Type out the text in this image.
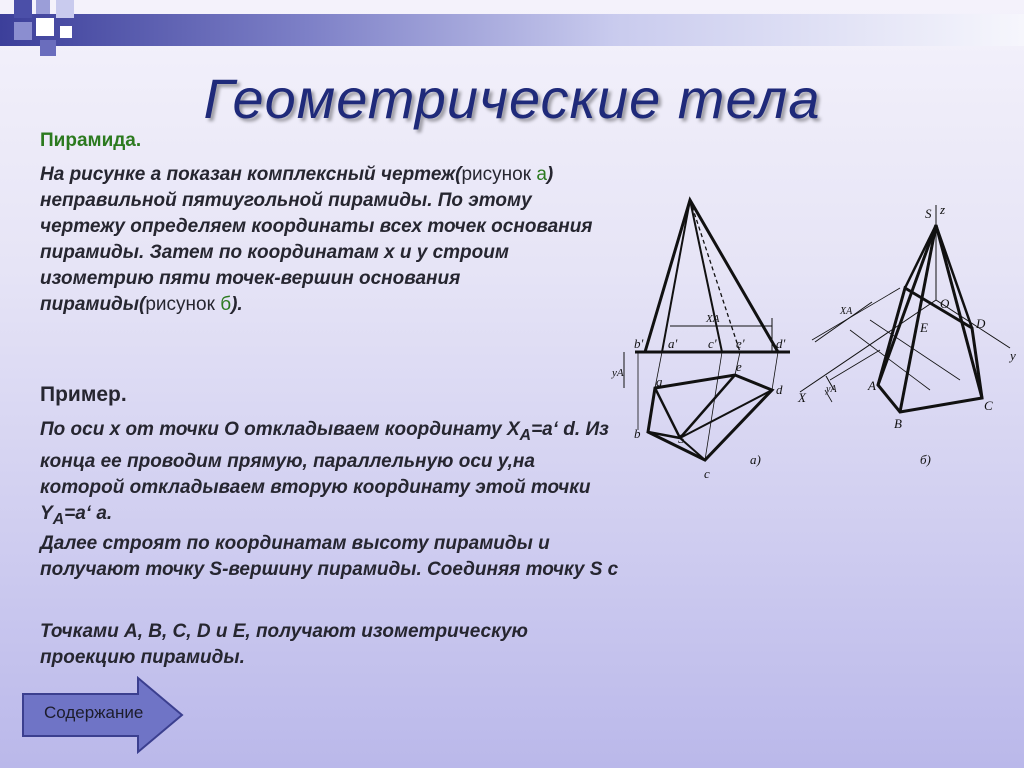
Геометрические тела
Пирамида.
На рисунке а показан комплексный чертеж(рисунок а) неправильной пятиугольной пирамиды. По этому чертежу определяем координаты всех точек основания пирамиды. Затем по координатам x и y строим изометрию пяти точек-вершин основания пирамиды(рисунок б).
Пример.
По оси x от точки O откладываем координату $X_A=a‘$ d. Из конца ее проводим прямую, параллельную оси y,на которой откладываем вторую координату этой точки $Y_A=a‘$ a.
Далее строят по координатам высоту пирамиды и получают точку S-вершину пирамиды. Соединяя точку S с
Точками A, B, C, D и E, получают изометрическую проекцию пирамиды.
b' a' c' e' d'
XA
yA
a
e
d
b	S
c
а)
S z
X
y
O
XA
yA A
B
C
D
E
б)
Содержание
